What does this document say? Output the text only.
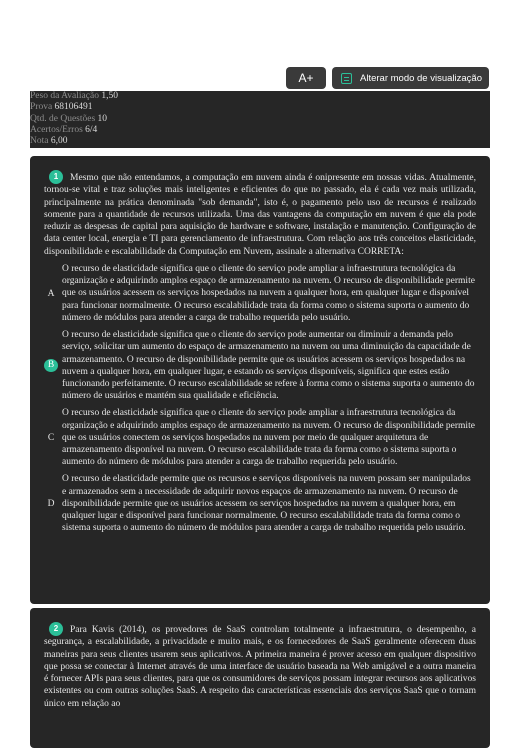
A+	Alterar modo de visualização
Peso da Avaliação 1,50
Prova 68106491
Qtd. de Questões 10
Acertos/Erros 6/4
Nota 6,00
1 Mesmo que não entendamos, a computação em nuvem ainda é onipresente em nossas vidas. Atualmente, tornou-se vital e traz soluções mais inteligentes e eficientes do que no passado, ela é cada vez mais utilizada, principalmente na prática denominada "sob demanda", isto é, o pagamento pelo uso de recursos é realizado somente para a quantidade de recursos utilizada. Uma das vantagens da computação em nuvem é que ela pode reduzir as despesas de capital para aquisição de hardware e software, instalação e manutenção. Configuração de data center local, energia e TI para gerenciamento de infraestrutura. Com relação aos três conceitos elasticidade, disponibilidade e escalabilidade da Computação em Nuvem, assinale a alternativa CORRETA:
A
O recurso de elasticidade significa que o cliente do serviço pode ampliar a infraestrutura tecnológica da organização e adquirindo amplos espaço de armazenamento na nuvem. O recurso de disponibilidade permite que os usuários acessem os serviços hospedados na nuvem a qualquer hora, em qualquer lugar e disponível para funcionar normalmente. O recurso escalabilidade trata da forma como o sistema suporta o aumento do número de módulos para atender a carga de trabalho requerida pelo usuário.
B
O recurso de elasticidade significa que o cliente do serviço pode aumentar ou diminuir a demanda pelo serviço, solicitar um aumento do espaço de armazenamento na nuvem ou uma diminuição da capacidade de armazenamento. O recurso de disponibilidade permite que os usuários acessem os serviços hospedados na nuvem a qualquer hora, em qualquer lugar, e estando os serviços disponíveis, significa que estes estão funcionando perfeitamente. O recurso escalabilidade se refere à forma como o sistema suporta o aumento do número de usuários e mantém sua qualidade e eficiência.
C
O recurso de elasticidade significa que o cliente do serviço pode ampliar a infraestrutura tecnológica da organização e adquirindo amplos espaço de armazenamento na nuvem. O recurso de disponibilidade permite que os usuários conectem os serviços hospedados na nuvem por meio de qualquer arquitetura de armazenamento disponível na nuvem. O recurso escalabilidade trata da forma como o sistema suporta o aumento do número de módulos para atender a carga de trabalho requerida pelo usuário.
D
O recurso de elasticidade permite que os recursos e serviços disponíveis na nuvem possam ser manipulados e armazenados sem a necessidade de adquirir novos espaços de armazenamento na nuvem. O recurso de disponibilidade permite que os usuários acessem os serviços hospedados na nuvem a qualquer hora, em qualquer lugar e disponível para funcionar normalmente. O recurso escalabilidade trata da forma como o sistema suporta o aumento do número de módulos para atender a carga de trabalho requerida pelo usuário.
2 Para Kavis (2014), os provedores de SaaS controlam totalmente a infraestrutura, o desempenho, a segurança, a escalabilidade, a privacidade e muito mais, e os fornecedores de SaaS geralmente oferecem duas maneiras para seus clientes usarem seus aplicativos. A primeira maneira é prover acesso em qualquer dispositivo que possa se conectar à Internet através de uma interface de usuário baseada na Web amigável e a outra maneira é fornecer APIs para seus clientes, para que os consumidores de serviços possam integrar recursos aos aplicativos existentes ou com outras soluções SaaS. A respeito das características essenciais dos serviços SaaS que o tornam único em relação ao
